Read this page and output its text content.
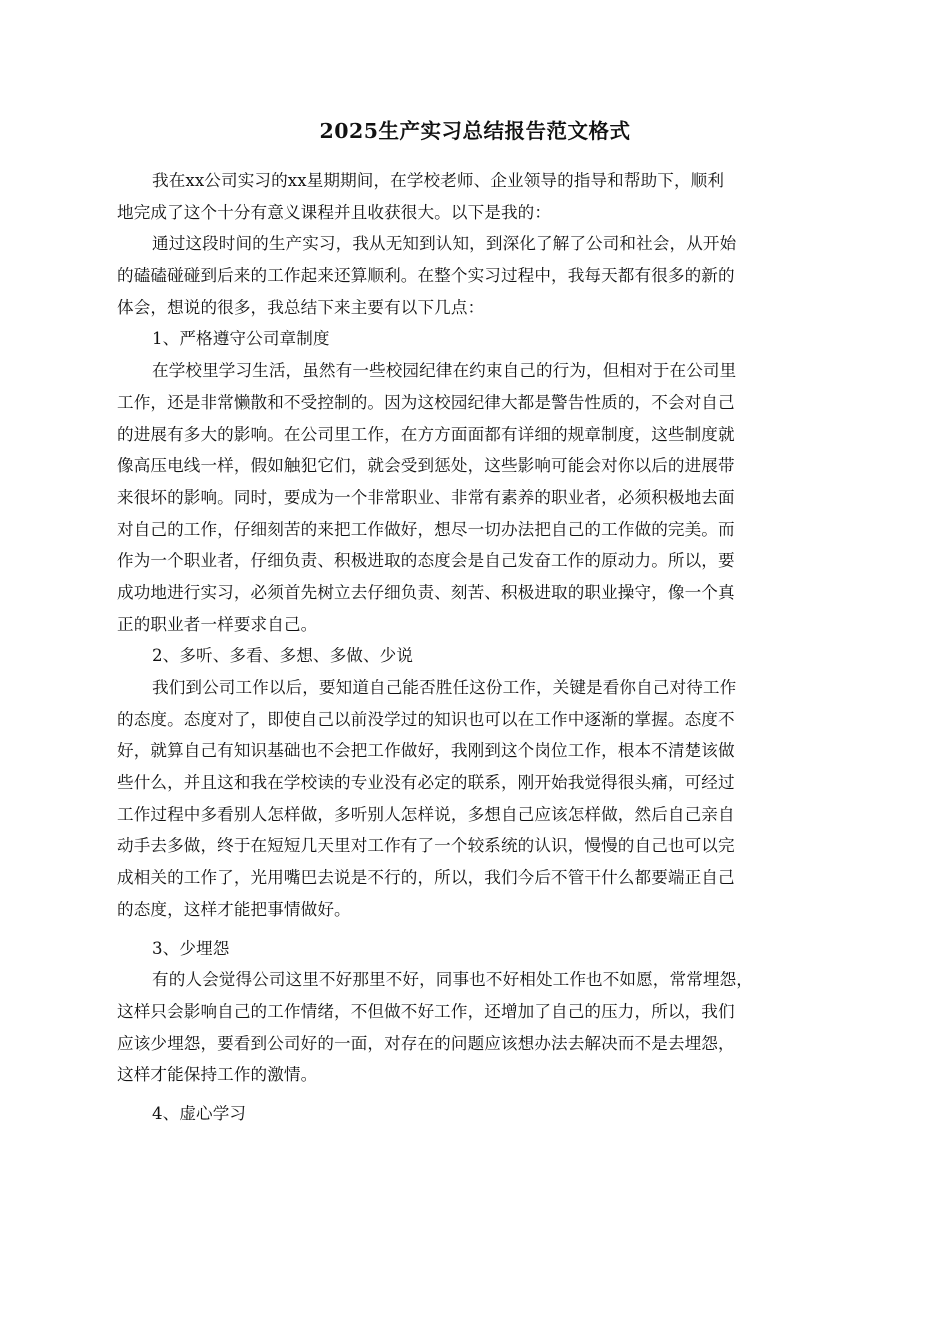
2025生产实习总结报告范文格式
我在xx公司实习的xx星期期间，在学校老师、企业领导的指导和帮助下，顺利
地完成了这个十分有意义课程并且收获很大。以下是我的：
通过这段时间的生产实习，我从无知到认知，到深化了解了公司和社会，从开始
的磕磕碰碰到后来的工作起来还算顺利。在整个实习过程中，我每天都有很多的新的
体会，想说的很多，我总结下来主要有以下几点：
1、严格遵守公司章制度
在学校里学习生活，虽然有一些校园纪律在约束自己的行为，但相对于在公司里
工作，还是非常懒散和不受控制的。因为这校园纪律大都是警告性质的，不会对自己
的进展有多大的影响。在公司里工作，在方方面面都有详细的规章制度，这些制度就
像高压电线一样，假如触犯它们，就会受到惩处，这些影响可能会对你以后的进展带
来很坏的影响。同时，要成为一个非常职业、非常有素养的职业者，必须积极地去面
对自己的工作，仔细刻苦的来把工作做好，想尽一切办法把自己的工作做的完美。而
作为一个职业者，仔细负责、积极进取的态度会是自己发奋工作的原动力。所以，要
成功地进行实习，必须首先树立去仔细负责、刻苦、积极进取的职业操守，像一个真
正的职业者一样要求自己。
2、多听、多看、多想、多做、少说
我们到公司工作以后，要知道自己能否胜任这份工作，关键是看你自己对待工作
的态度。态度对了，即使自己以前没学过的知识也可以在工作中逐渐的掌握。态度不
好，就算自己有知识基础也不会把工作做好，我刚到这个岗位工作，根本不清楚该做
些什么，并且这和我在学校读的专业没有必定的联系，刚开始我觉得很头痛，可经过
工作过程中多看别人怎样做，多听别人怎样说，多想自己应该怎样做，然后自己亲自
动手去多做，终于在短短几天里对工作有了一个较系统的认识，慢慢的自己也可以完
成相关的工作了，光用嘴巴去说是不行的，所以，我们今后不管干什么都要端正自己
的态度，这样才能把事情做好。
3、少埋怨
有的人会觉得公司这里不好那里不好，同事也不好相处工作也不如愿，常常埋怨，
这样只会影响自己的工作情绪，不但做不好工作，还增加了自己的压力，所以，我们
应该少埋怨，要看到公司好的一面，对存在的问题应该想办法去解决而不是去埋怨，
这样才能保持工作的激情。
4、虚心学习
